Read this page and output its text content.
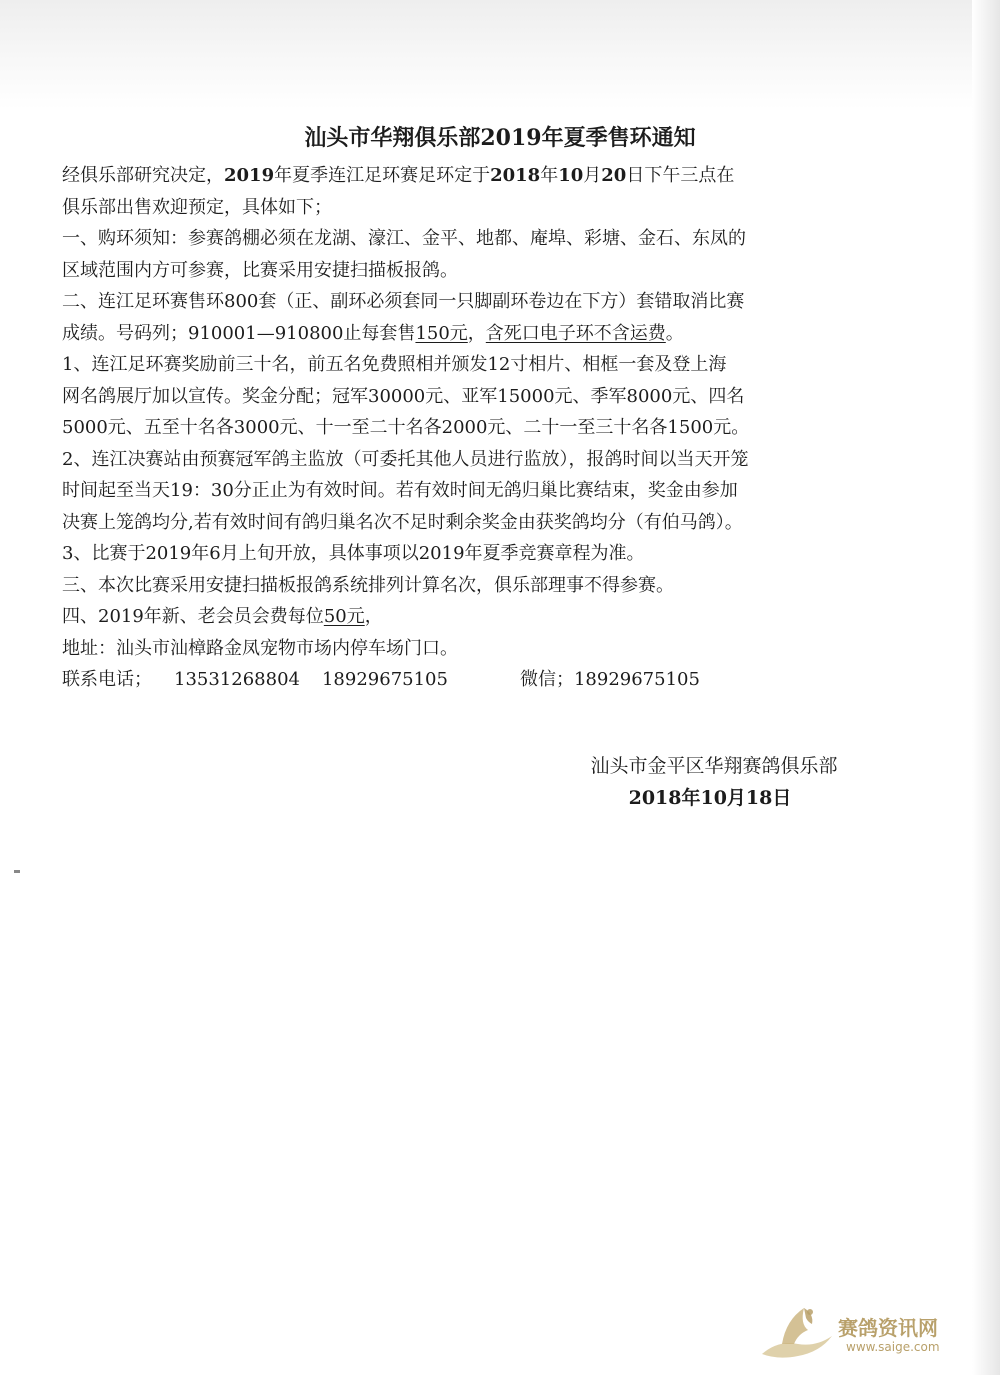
汕头市华翔俱乐部2019年夏季售环通知
经俱乐部研究决定，2019年夏季连江足环赛足环定于2018年10月20日下午三点在
俱乐部出售欢迎预定，具体如下；
一、购环须知：参赛鸽棚必须在龙湖、濠江、金平、地都、庵埠、彩塘、金石、东凤的
区域范围内方可参赛，比赛采用安捷扫描板报鸽。
二、连江足环赛售环800套（正、副环必须套同一只脚副环卷边在下方）套错取消比赛
成绩。号码列；910001—910800止每套售150元，含死口电子环不含运费。
1、连江足环赛奖励前三十名，前五名免费照相并颁发12寸相片、相框一套及登上海
网名鸽展厅加以宣传。奖金分配；冠军30000元、亚军15000元、季军8000元、四名
5000元、五至十名各3000元、十一至二十名各2000元、二十一至三十名各1500元。
2、连江决赛站由预赛冠军鸽主监放（可委托其他人员进行监放），报鸽时间以当天开笼
时间起至当天19：30分正止为有效时间。若有效时间无鸽归巢比赛结束，奖金由参加
决赛上笼鸽均分,若有效时间有鸽归巢名次不足时剩余奖金由获奖鸽均分（有伯马鸽）。
3、比赛于2019年6月上旬开放，具体事项以2019年夏季竞赛章程为准。
三、本次比赛采用安捷扫描板报鸽系统排列计算名次，俱乐部理事不得参赛。
四、2019年新、老会员会费每位50元，
地址：汕头市汕樟路金凤宠物市场内停车场门口。
联系电话； 13531268804 18929675105	微信；18929675105
汕头市金平区华翔赛鸽俱乐部
2018年10月18日
赛鸽资讯网
www.saige.com
